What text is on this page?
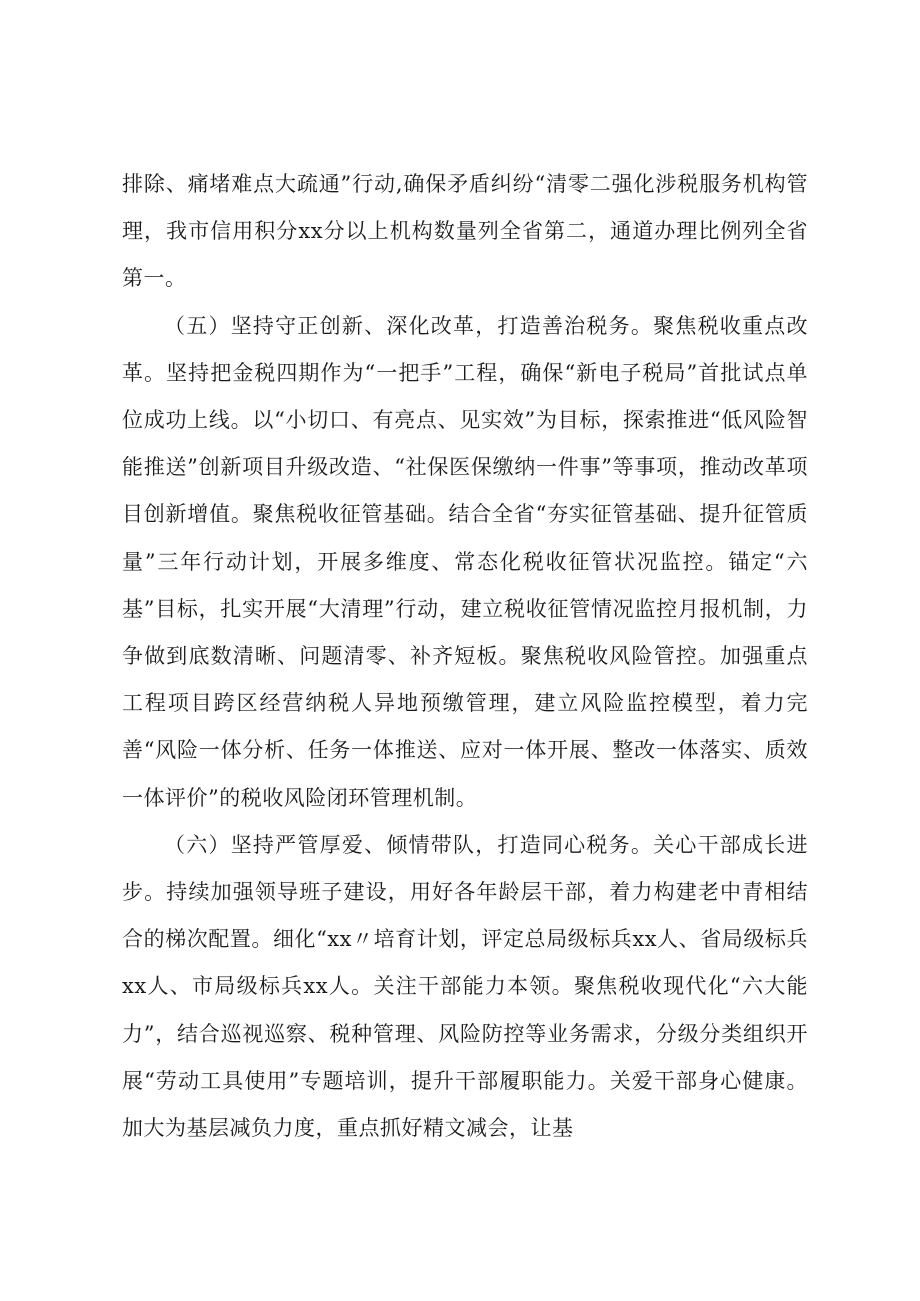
排除、痛堵难点大疏通”行动,确保矛盾纠纷“清零二强化涉税服务机构管理，我市信用积分xx分以上机构数量列全省第二，通道办理比例列全省第一。

（五）坚持守正创新、深化改革，打造善治税务。聚焦税收重点改革。坚持把金税四期作为“一把手”工程，确保“新电子税局”首批试点单位成功上线。以“小切口、有亮点、见实效”为目标，探索推进“低风险智能推送”创新项目升级改造、“社保医保缴纳一件事”等事项，推动改革项目创新增值。聚焦税收征管基础。结合全省“夯实征管基础、提升征管质量”三年行动计划，开展多维度、常态化税收征管状况监控。锚定“六基”目标，扎实开展“大清理”行动，建立税收征管情况监控月报机制，力争做到底数清晰、问题清零、补齐短板。聚焦税收风险管控。加强重点工程项目跨区经营纳税人异地预缴管理，建立风险监控模型，着力完善“风险一体分析、任务一体推送、应对一体开展、整改一体落实、质效一体评价”的税收风险闭环管理机制。

（六）坚持严管厚爱、倾情带队，打造同心税务。关心干部成长进步。持续加强领导班子建设，用好各年龄层干部，着力构建老中青相结合的梯次配置。细化“xx〃培育计划，评定总局级标兵xx人、省局级标兵xx人、市局级标兵xx人。关注干部能力本领。聚焦税收现代化“六大能力”，结合巡视巡察、税种管理、风险防控等业务需求，分级分类组织开展“劳动工具使用”专题培训，提升干部履职能力。关爱干部身心健康。加大为基层减负力度，重点抓好精文减会，让基
